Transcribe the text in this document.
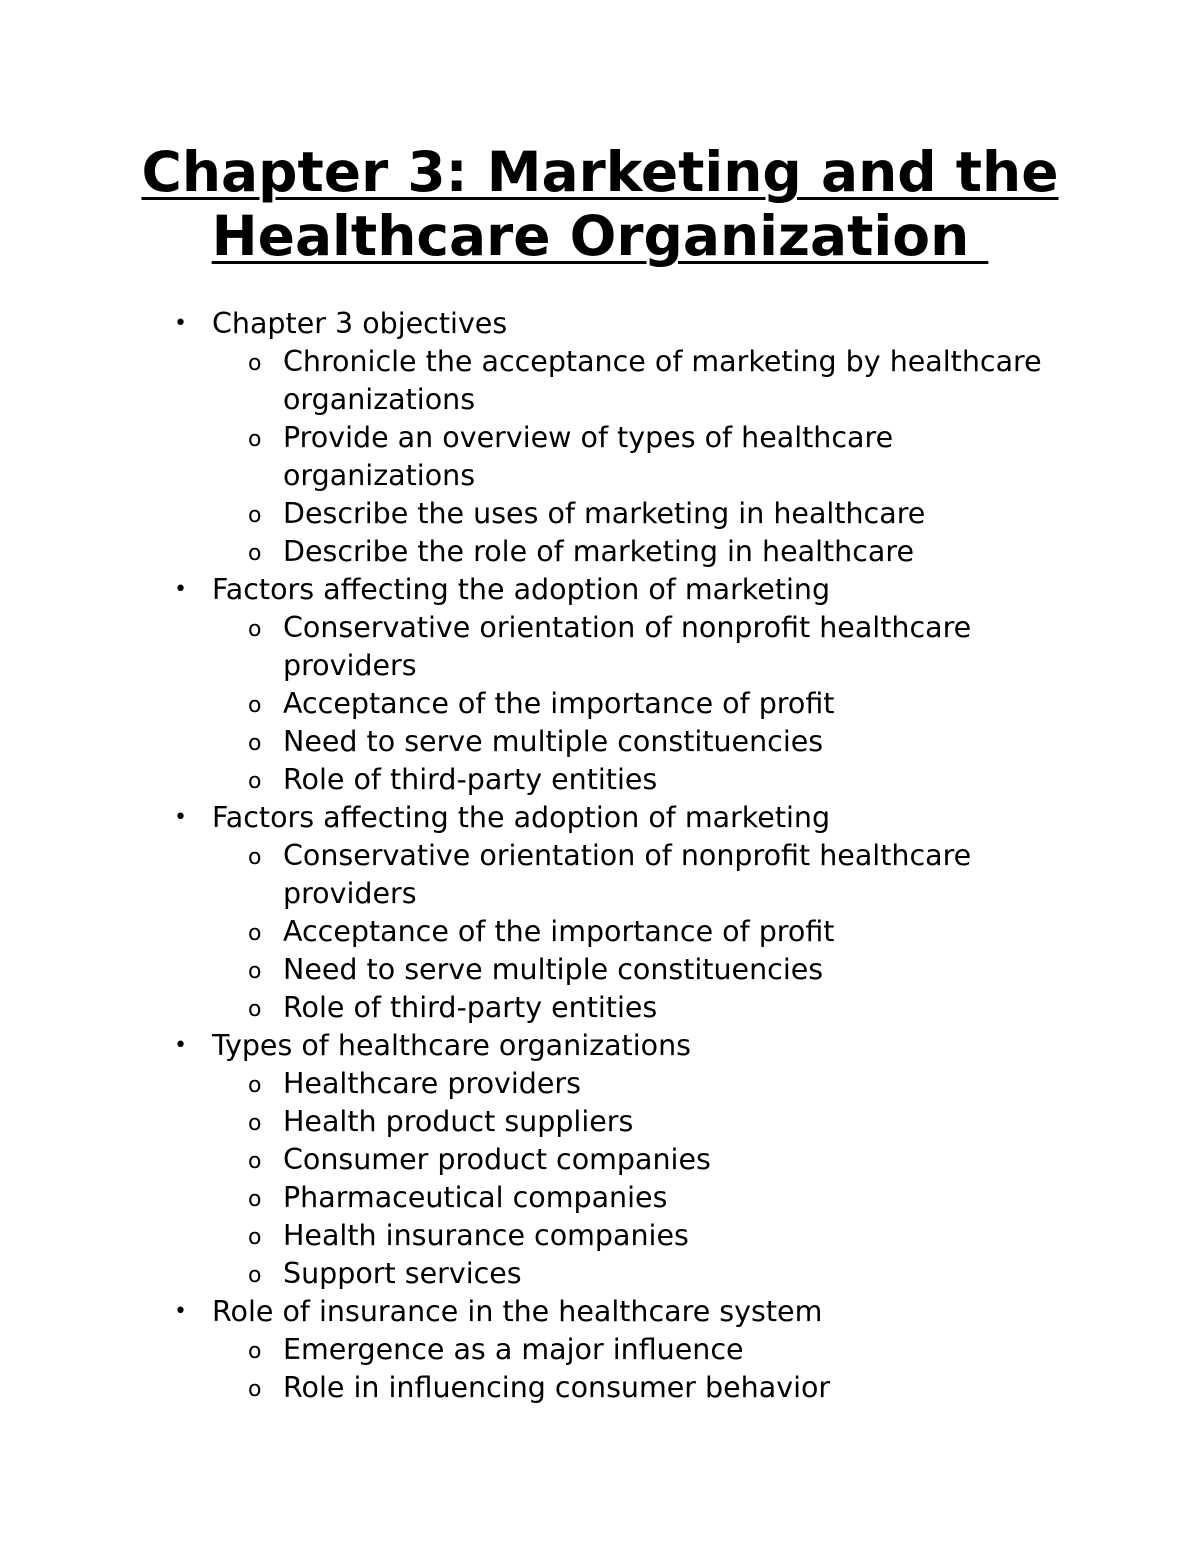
Chapter 3: Marketing and the
Healthcare Organization
• Chapter 3 objectives
o Chronicle the acceptance of marketing by healthcare organizations
o Provide an overview of types of healthcare organizations
o Describe the uses of marketing in healthcare
o Describe the role of marketing in healthcare
• Factors affecting the adoption of marketing
o Conservative orientation of nonprofit healthcare providers
o Acceptance of the importance of profit
o Need to serve multiple constituencies
o Role of third-party entities
• Factors affecting the adoption of marketing
o Conservative orientation of nonprofit healthcare providers
o Acceptance of the importance of profit
o Need to serve multiple constituencies
o Role of third-party entities
• Types of healthcare organizations
o Healthcare providers
o Health product suppliers
o Consumer product companies
o Pharmaceutical companies
o Health insurance companies
o Support services
• Role of insurance in the healthcare system
o Emergence as a major influence
o Role in influencing consumer behavior
